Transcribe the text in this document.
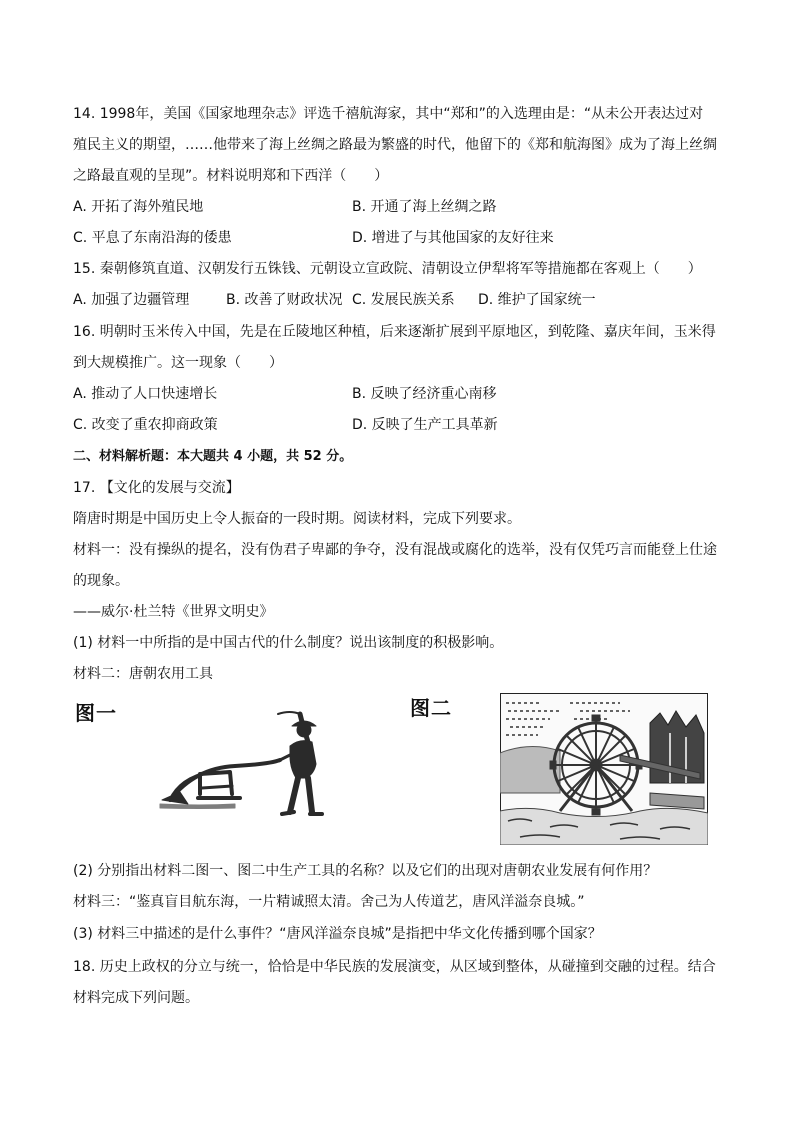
14. 1998年，美国《国家地理杂志》评选千禧航海家，其中“郑和”的入选理由是：“从未公开表达过对
殖民主义的期望，……他带来了海上丝绸之路最为繁盛的时代，他留下的《郑和航海图》成为了海上丝绸
之路最直观的呈现”。材料说明郑和下西洋（　　）
A. 开拓了海外殖民地	B. 开通了海上丝绸之路
C. 平息了东南沿海的倭患	D. 增进了与其他国家的友好往来
15. 秦朝修筑直道、汉朝发行五铢钱、元朝设立宣政院、清朝设立伊犁将军等措施都在客观上（　　）
A. 加强了边疆管理	B. 改善了财政状况 C. 发展民族关系 D. 维护了国家统一
16. 明朝时玉米传入中国，先是在丘陵地区种植，后来逐渐扩展到平原地区，到乾隆、嘉庆年间，玉米得
到大规模推广。这一现象（　　）
A. 推动了人口快速增长	B. 反映了经济重心南移
C. 改变了重农抑商政策	D. 反映了生产工具革新
二、材料解析题：本大题共 4 小题，共 52 分。
17. 【文化的发展与交流】
隋唐时期是中国历史上令人振奋的一段时期。阅读材料，完成下列要求。
材料一：没有操纵的提名，没有伪君子卑鄙的争夺，没有混战或腐化的选举，没有仅凭巧言而能登上仕途
的现象。
——威尔·杜兰特《世界文明史》
(1) 材料一中所指的是中国古代的什么制度？说出该制度的积极影响。
材料二：唐朝农用工具
图一	图二
(2) 分别指出材料二图一、图二中生产工具的名称？以及它们的出现对唐朝农业发展有何作用？
材料三：“鉴真盲目航东海，一片精诚照太清。舍己为人传道艺，唐风洋溢奈良城。”
(3) 材料三中描述的是什么事件？“唐风洋溢奈良城”是指把中华文化传播到哪个国家？
18. 历史上政权的分立与统一，恰恰是中华民族的发展演变，从区域到整体，从碰撞到交融的过程。结合
材料完成下列问题。
